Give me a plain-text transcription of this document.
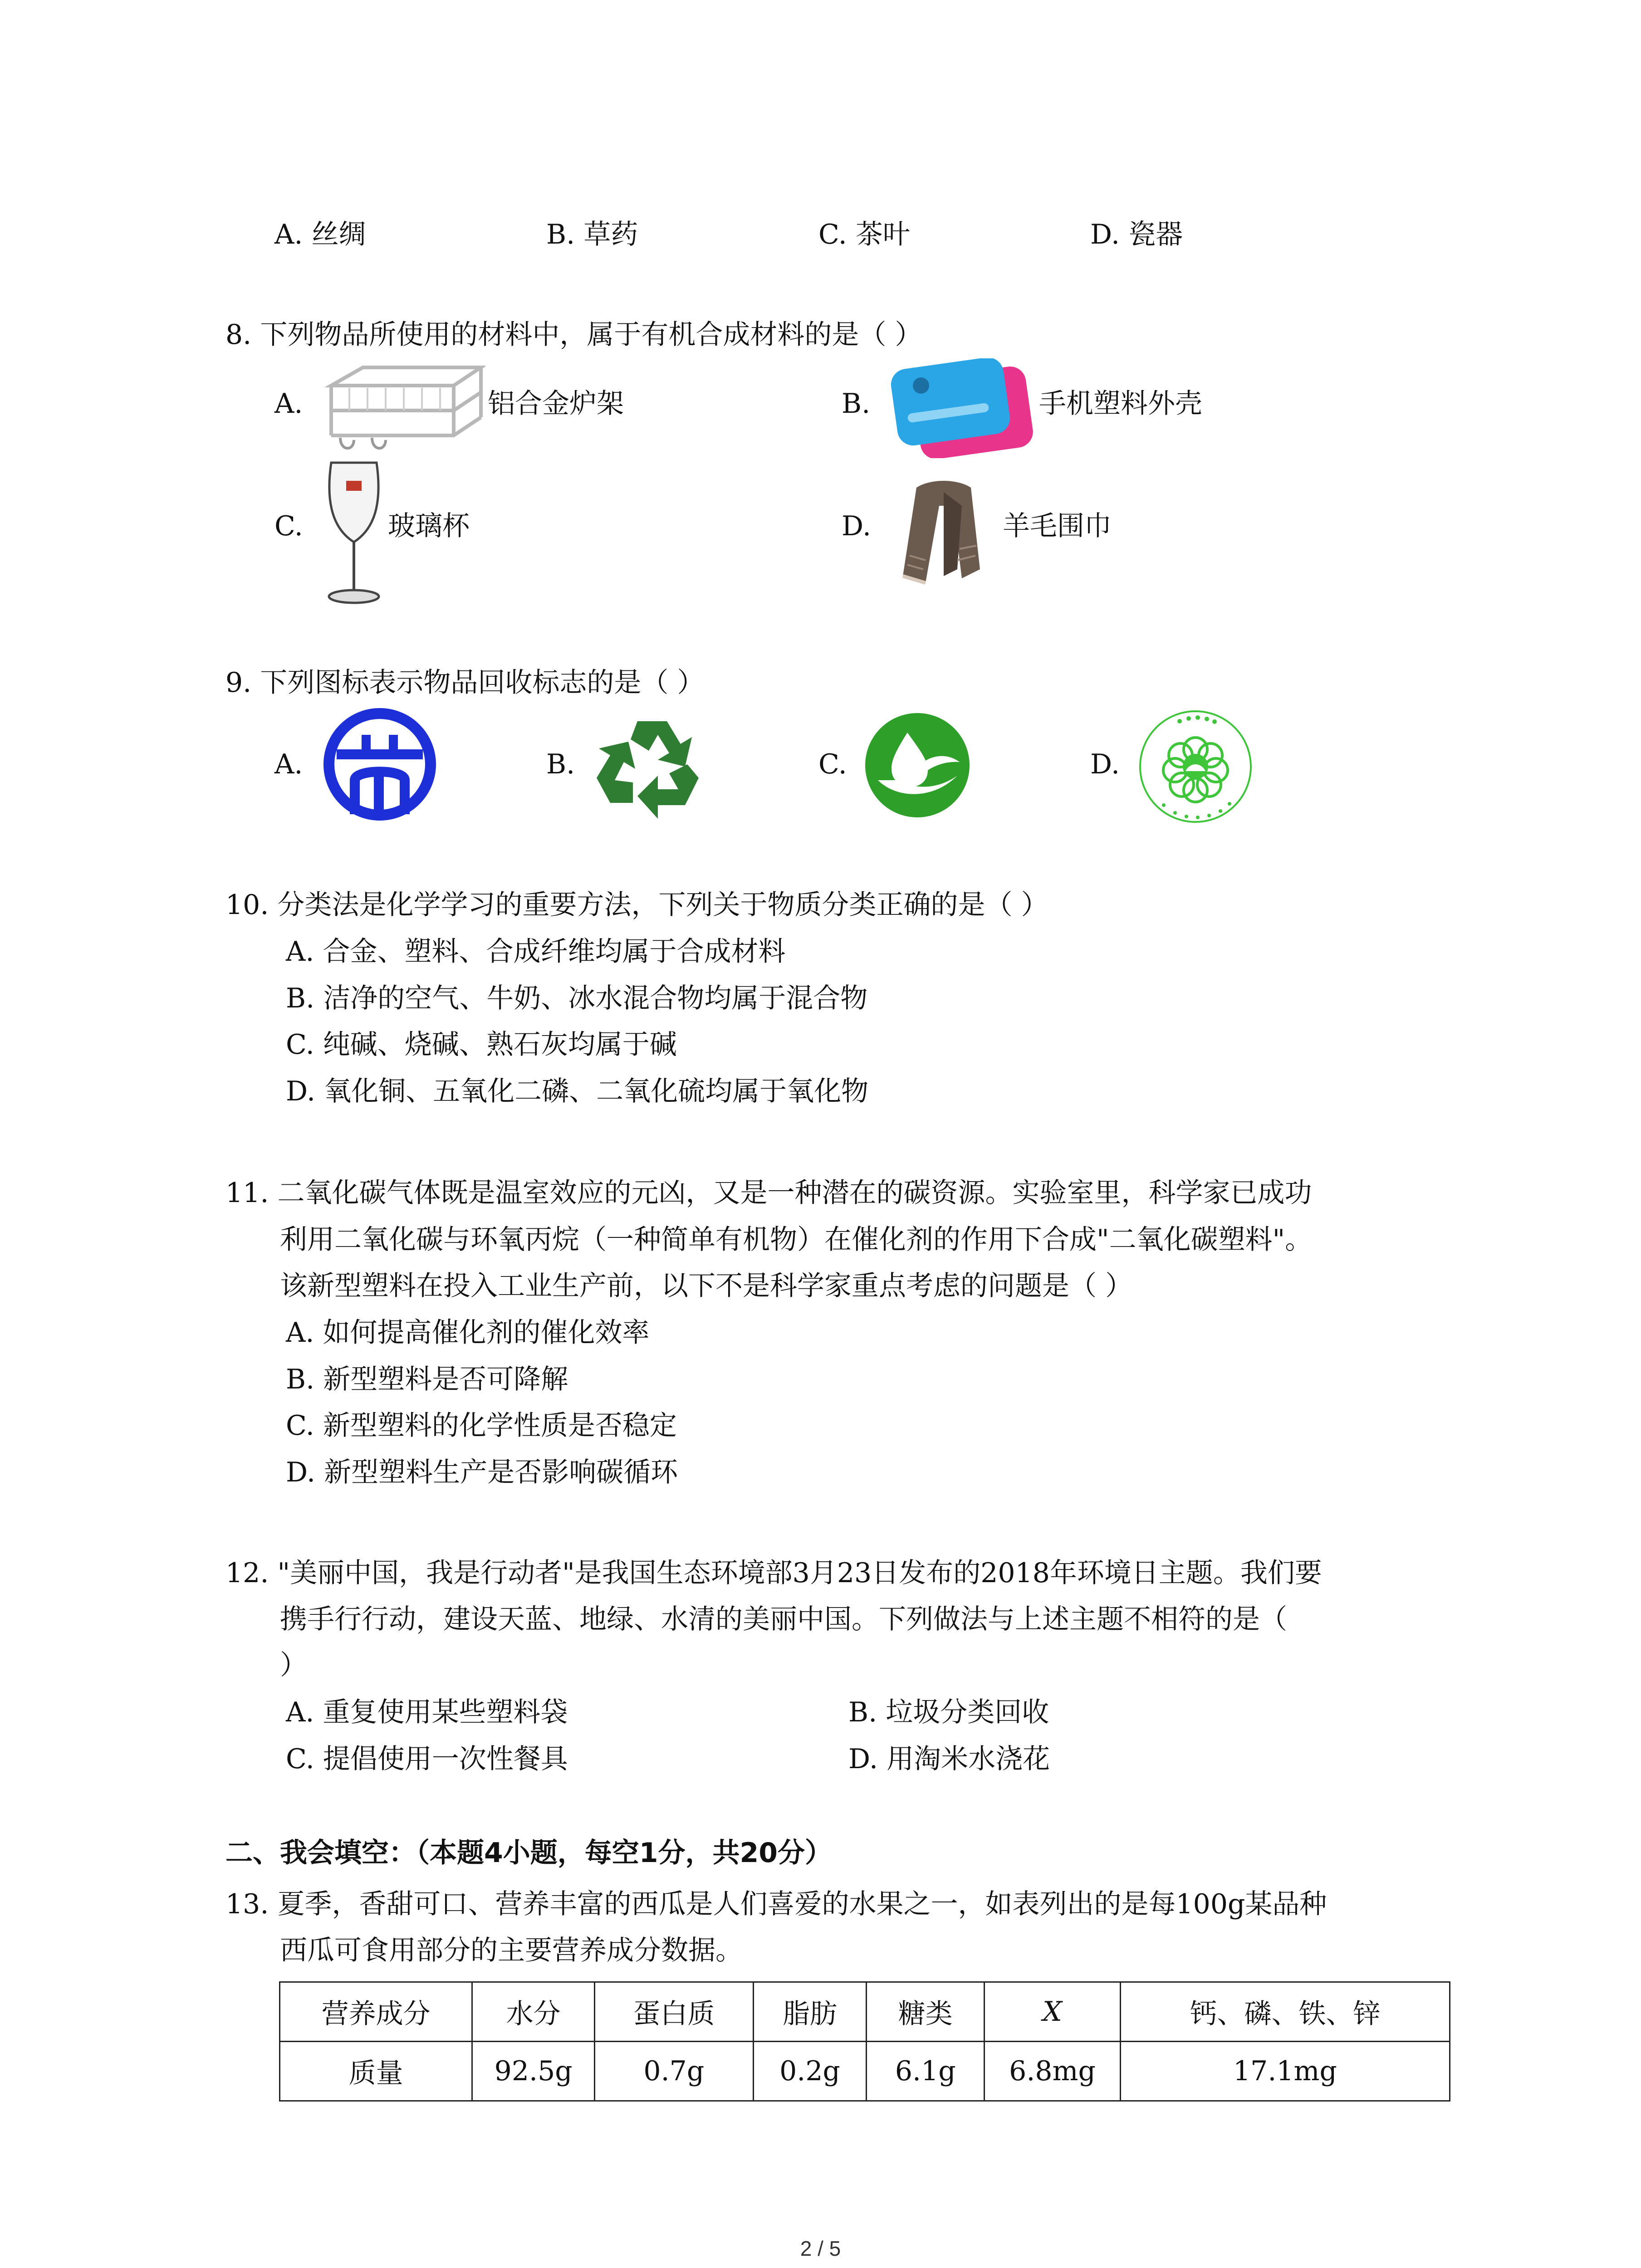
A. 丝绸	B. 草药	C. 茶叶	D. 瓷器
8. 下列物品所使用的材料中，属于有机合成材料的是（ ）
A.	铝合金炉架	B.	手机塑料外壳
C.	玻璃杯	D.	羊毛围巾
9. 下列图标表示物品回收标志的是（ ）
A.	B.	C.	D.
10. 分类法是化学学习的重要方法，下列关于物质分类正确的是（ ）
A. 合金、塑料、合成纤维均属于合成材料
B. 洁净的空气、牛奶、冰水混合物均属于混合物
C. 纯碱、烧碱、熟石灰均属于碱
D. 氧化铜、五氧化二磷、二氧化硫均属于氧化物
11. 二氧化碳气体既是温室效应的元凶，又是一种潜在的碳资源。实验室里，科学家已成功
利用二氧化碳与环氧丙烷（一种简单有机物）在催化剂的作用下合成"二氧化碳塑料"。
该新型塑料在投入工业生产前，以下不是科学家重点考虑的问题是（ ）
A. 如何提高催化剂的催化效率
B. 新型塑料是否可降解
C. 新型塑料的化学性质是否稳定
D. 新型塑料生产是否影响碳循环
12. "美丽中国，我是行动者"是我国生态环境部3月23日发布的2018年环境日主题。我们要
携手行行动，建设天蓝、地绿、水清的美丽中国。下列做法与上述主题不相符的是（
）
A. 重复使用某些塑料袋	B. 垃圾分类回收
C. 提倡使用一次性餐具	D. 用淘米水浇花
二、我会填空：（本题4小题，每空1分，共20分）
13. 夏季，香甜可口、营养丰富的西瓜是人们喜爱的水果之一，如表列出的是每100g某品种
西瓜可食用部分的主要营养成分数据。
营养成分	水分	蛋白质	脂肪	糖类	X	钙、磷、铁、锌
质量	92.5g	0.7g	0.2g	6.1g	6.8mg	17.1mg
2 / 5
